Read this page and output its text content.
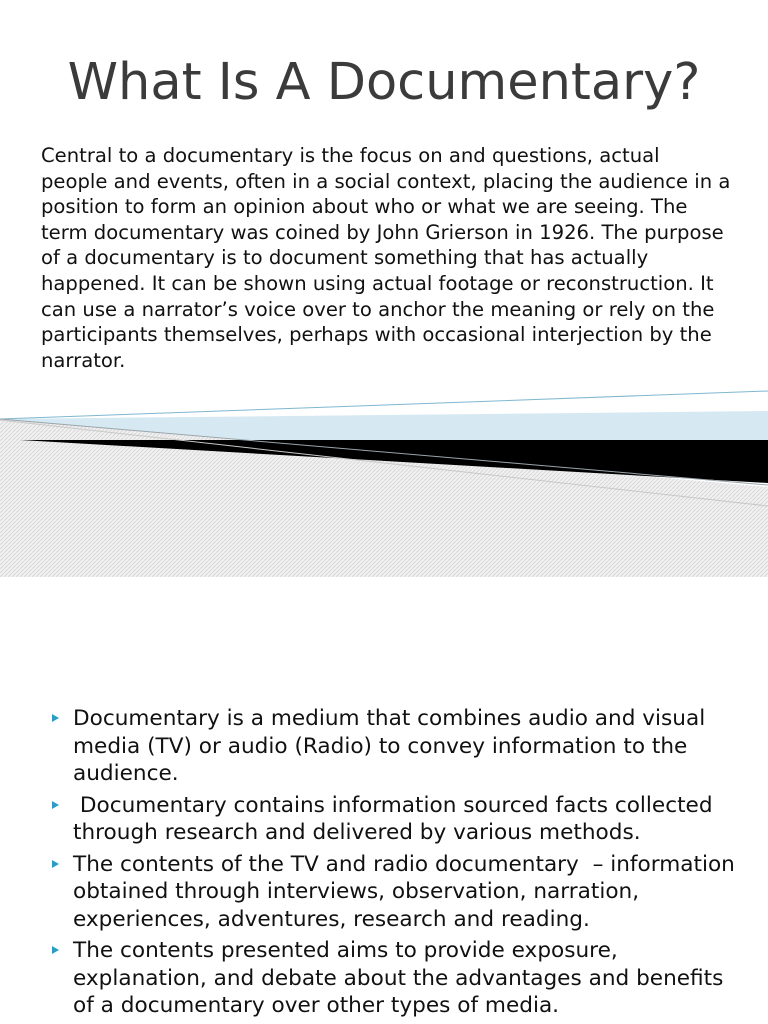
What Is A Documentary?

Central to a documentary is the focus on and questions, actual people and events, often in a social context, placing the audience in a position to form an opinion about who or what we are seeing. The term documentary was coined by John Grierson in 1926. The purpose of a documentary is to document something that has actually happened. It can be shown using actual footage or reconstruction. It can use a narrator’s voice over to anchor the meaning or rely on the participants themselves, perhaps with occasional interjection by the narrator.

Documentary is a medium that combines audio and visual media (TV) or audio (Radio) to convey information to the audience.
Documentary contains information sourced facts collected through research and delivered by various methods.
The contents of the TV and radio documentary  – information obtained through interviews, observation, narration, experiences, adventures, research and reading.
The contents presented aims to provide exposure, explanation, and debate about the advantages and benefits of a documentary over other types of media.
